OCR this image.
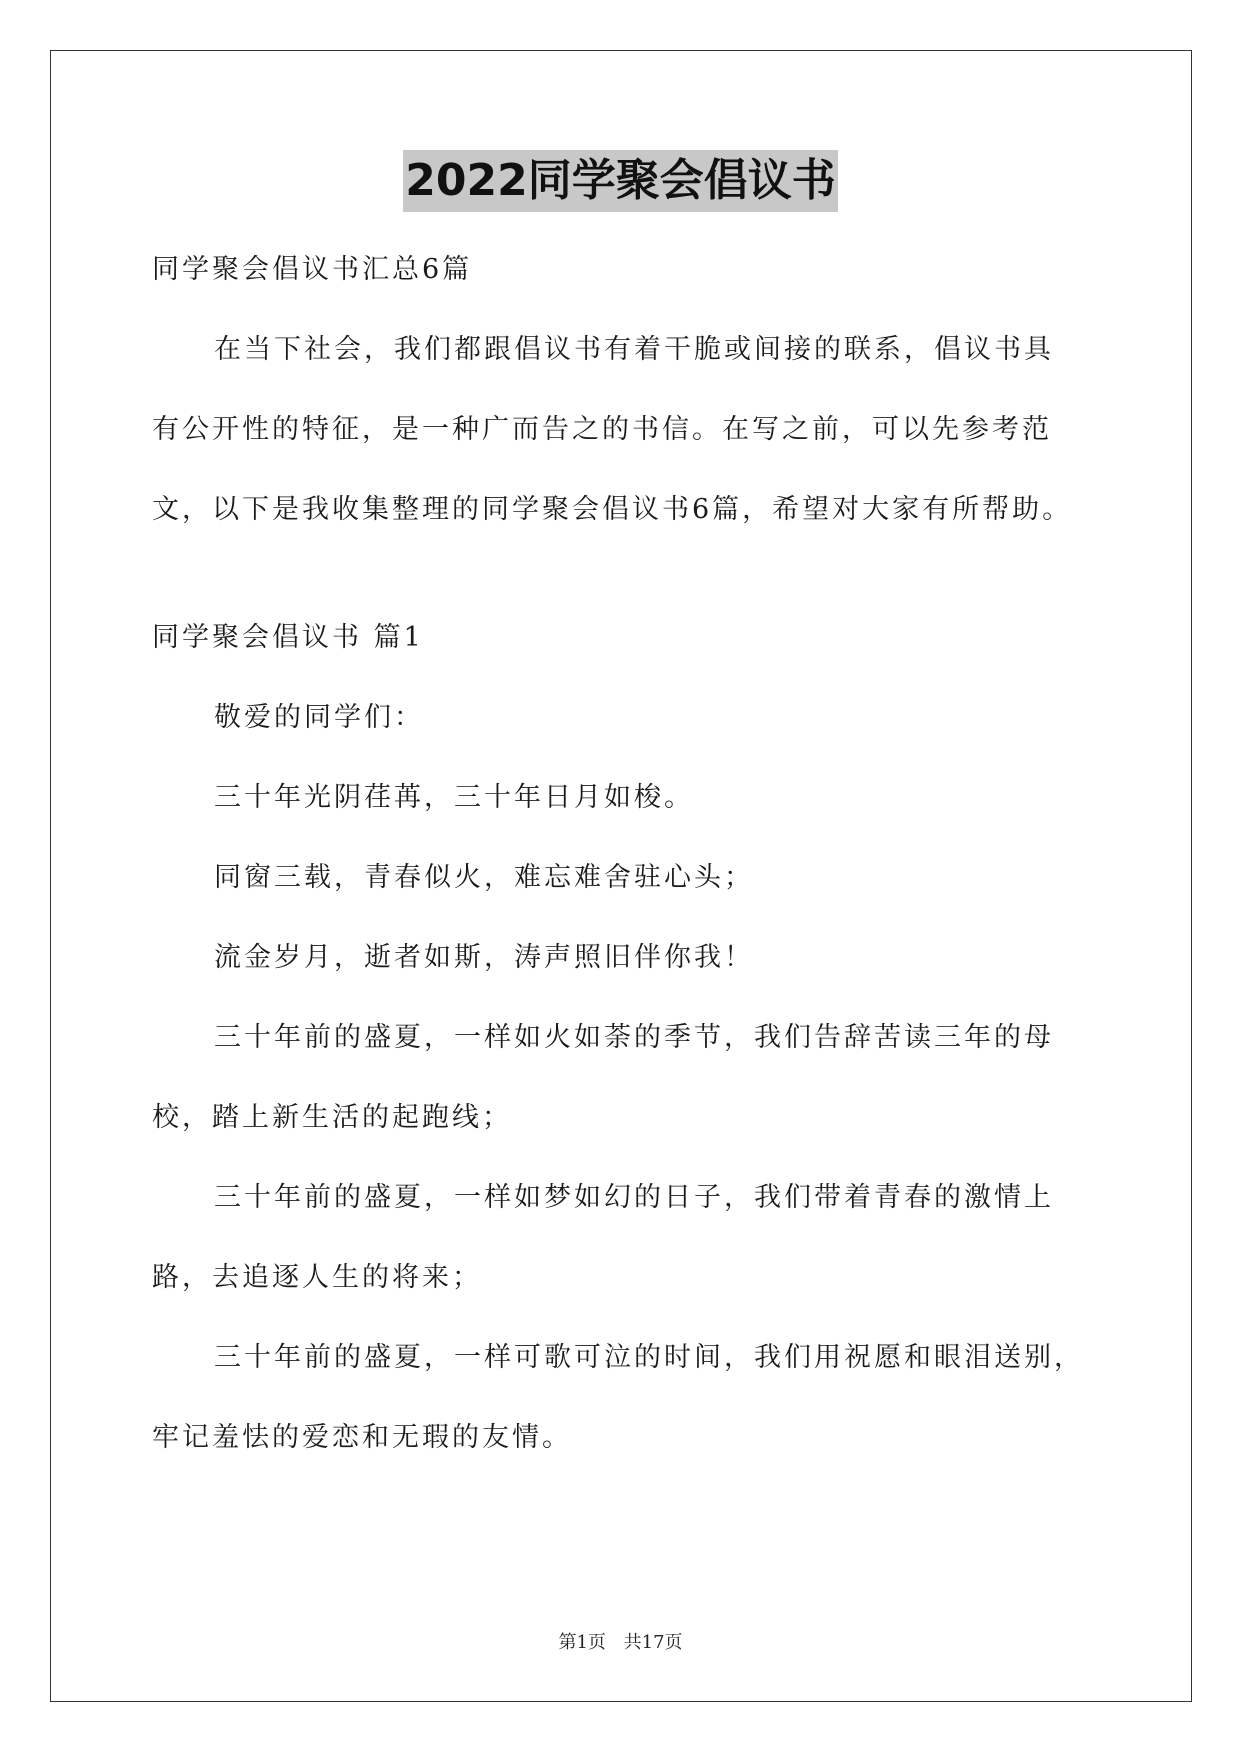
2022同学聚会倡议书

同学聚会倡议书汇总6篇

在当下社会，我们都跟倡议书有着干脆或间接的联系，倡议书具

有公开性的特征，是一种广而告之的书信。在写之前，可以先参考范

文，以下是我收集整理的同学聚会倡议书6篇，希望对大家有所帮助。

同学聚会倡议书 篇1

敬爱的同学们：

三十年光阴荏苒，三十年日月如梭。

同窗三载，青春似火，难忘难舍驻心头；

流金岁月，逝者如斯，涛声照旧伴你我！

三十年前的盛夏，一样如火如荼的季节，我们告辞苦读三年的母

校，踏上新生活的起跑线；

三十年前的盛夏，一样如梦如幻的日子，我们带着青春的激情上

路，去追逐人生的将来；

三十年前的盛夏，一样可歌可泣的时间，我们用祝愿和眼泪送别，

牢记羞怯的爱恋和无瑕的友情。

第1页 共17页
